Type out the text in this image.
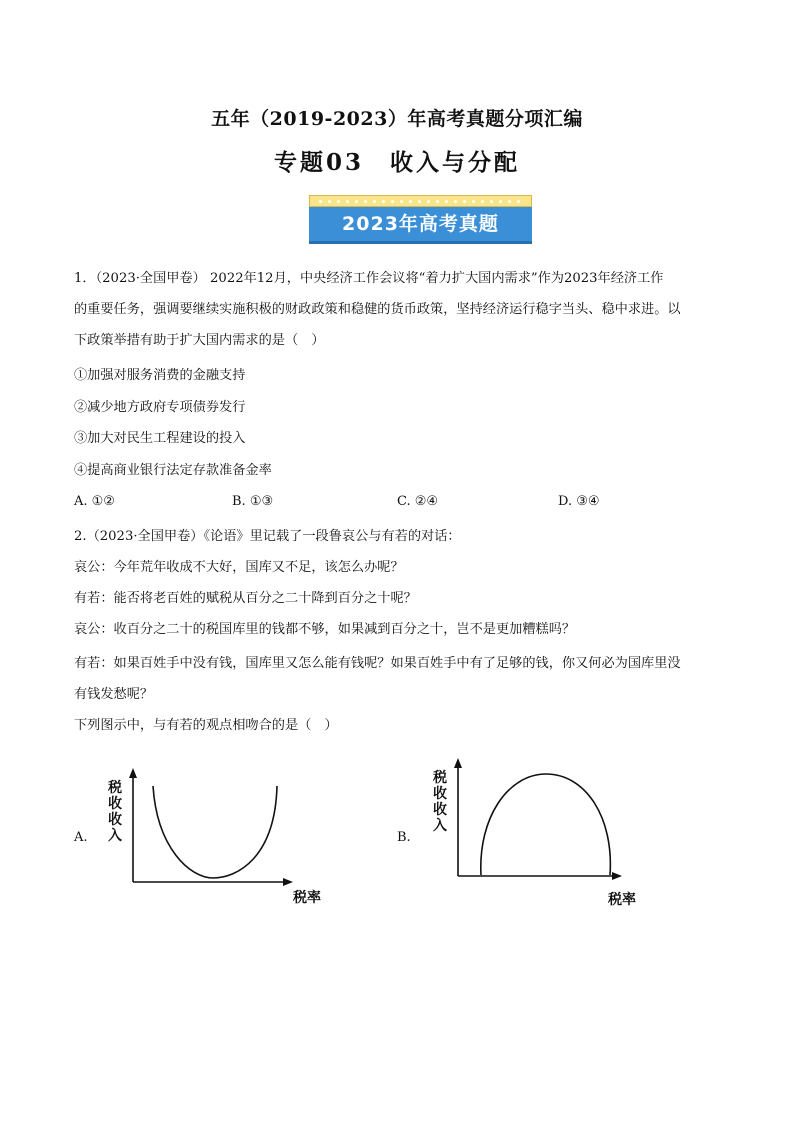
五年（2019-2023）年高考真题分项汇编
专题03　收入与分配
2023年高考真题
1．（2023·全国甲卷） 2022年12月，中央经济工作会议将“着力扩大国内需求”作为2023年经济工作
的重要任务，强调要继续实施积极的财政政策和稳健的货币政策，坚持经济运行稳字当头、稳中求进。以
下政策举措有助于扩大国内需求的是（　）
①加强对服务消费的金融支持
②减少地方政府专项债券发行
③加大对民生工程建设的投入
④提高商业银行法定存款准备金率
A. ①②	B. ①③	C. ②④	D. ③④
2.（2023·全国甲卷）《论语》里记载了一段鲁哀公与有若的对话：
哀公：今年荒年收成不大好，国库又不足，该怎么办呢？
有若：能否将老百姓的赋税从百分之二十降到百分之十呢？
哀公：收百分之二十的税国库里的钱都不够，如果减到百分之十，岂不是更加糟糕吗？
有若：如果百姓手中没有钱，国库里又怎么能有钱呢？如果百姓手中有了足够的钱，你又何必为国库里没
有钱发愁呢？
下列图示中，与有若的观点相吻合的是（　）
A.
税
收
收
入
税率
B.
税
收
收
入
税率
